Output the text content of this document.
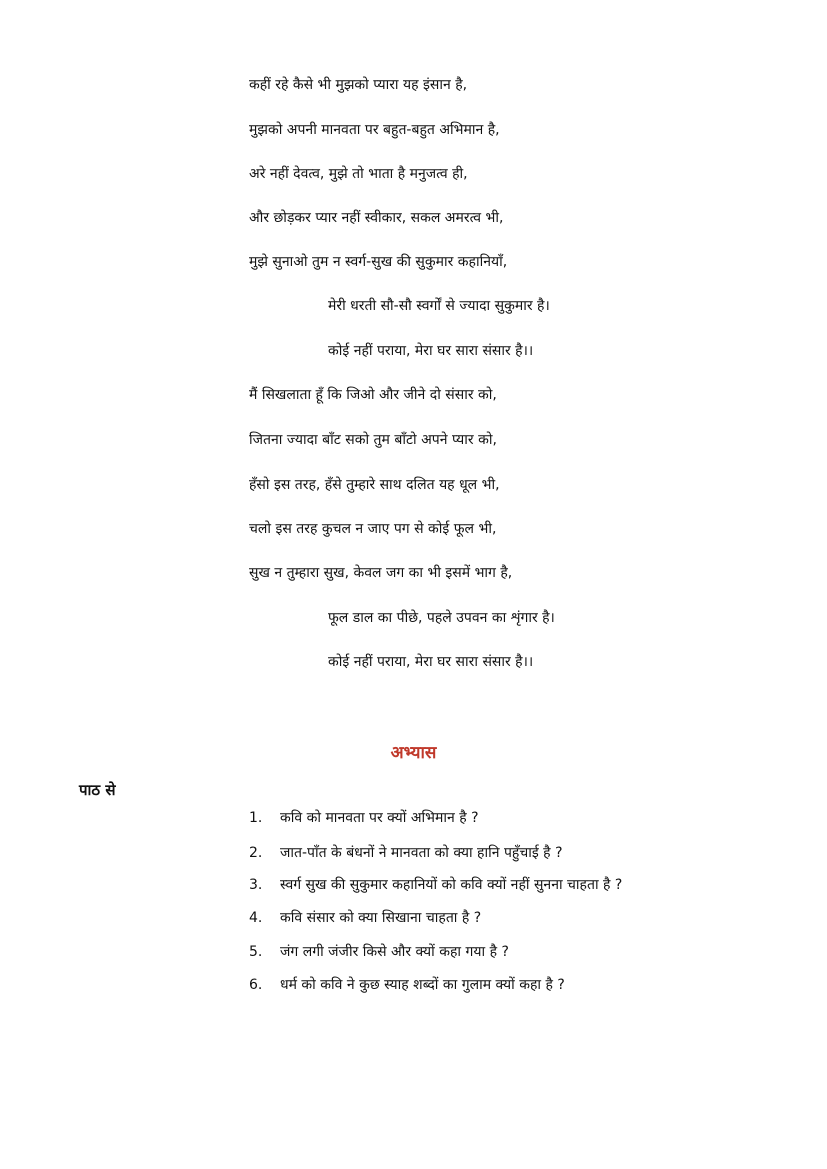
कहीं रहे कैसे भी मुझको प्यारा यह इंसान है,
मुझको अपनी मानवता पर बहुत-बहुत अभिमान है,
अरे नहीं देवत्व, मुझे तो भाता है मनुजत्व ही,
और छोड़कर प्यार नहीं स्वीकार, सकल अमरत्व भी,
मुझे सुनाओ तुम न स्वर्ग-सुख की सुकुमार कहानियाँ,
मेरी धरती सौ-सौ स्वर्गों से ज्यादा सुकुमार है।
कोई नहीं पराया, मेरा घर सारा संसार है।।
मैं सिखलाता हूँ कि जिओ और जीने दो संसार को,
जितना ज्यादा बाँट सको तुम बाँटो अपने प्यार को,
हँसो इस तरह, हँसे तुम्हारे साथ दलित यह धूल भी,
चलो इस तरह कुचल न जाए पग से कोई फूल भी,
सुख न तुम्हारा सुख, केवल जग का भी इसमें भाग है,
फूल डाल का पीछे, पहले उपवन का शृंगार है।
कोई नहीं पराया, मेरा घर सारा संसार है।।
अभ्यास
पाठ से
1. कवि को मानवता पर क्यों अभिमान है ?
2. जात-पाँत के बंधनों ने मानवता को क्या हानि पहुँचाई है ?
3. स्वर्ग सुख की सुकुमार कहानियों को कवि क्यों नहीं सुनना चाहता है ?
4. कवि संसार को क्या सिखाना चाहता है ?
5. जंग लगी जंजीर किसे और क्यों कहा गया है ?
6. धर्म को कवि ने कुछ स्याह शब्दों का गुलाम क्यों कहा है ?
